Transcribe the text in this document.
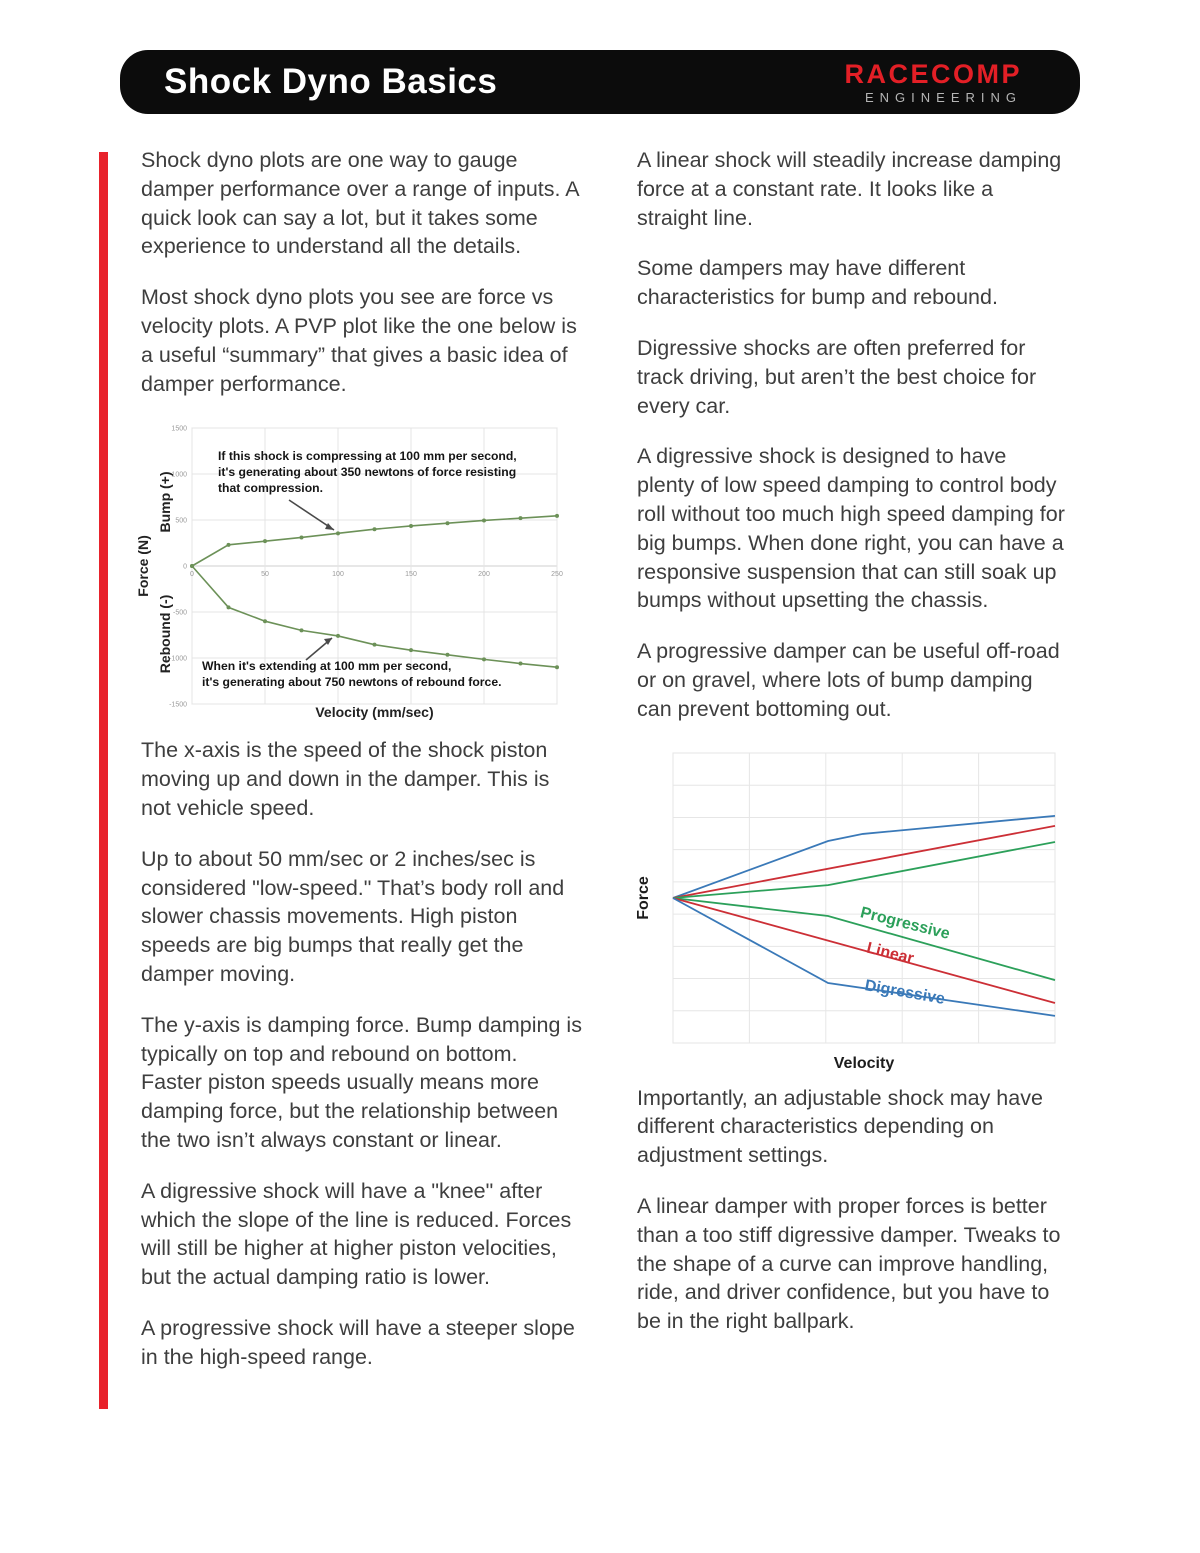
Shock Dyno Basics	RACECOMP
ENGINEERING

Shock dyno plots are one way to gauge damper performance over a range of inputs. A quick look can say a lot, but it takes some experience to understand all the details.

Most shock dyno plots you see are force vs velocity plots. A PVP plot like the one below is a useful “summary” that gives a basic idea of damper performance.

1500
1000
500
0
-500
-1000
-1500
0	50	100	150	200	250
Force (N)
Bump (+)
Rebound (-)
Velocity (mm/sec)
If this shock is compressing at 100 mm per second,
it's generating about 350 newtons of force resisting
that compression.
When it's extending at 100 mm per second,
it's generating about 750 newtons of rebound force.

The x-axis is the speed of the shock piston moving up and down in the damper. This is not vehicle speed.

Up to about 50 mm/sec or 2 inches/sec is considered "low-speed." That’s body roll and slower chassis movements. High piston speeds are big bumps that really get the damper moving.

The y-axis is damping force. Bump damping is typically on top and rebound on bottom. Faster piston speeds usually means more damping force, but the relationship between the two isn’t always constant or linear.

A digressive shock will have a "knee" after which the slope of the line is reduced. Forces will still be higher at higher piston velocities, but the actual damping ratio is lower.

A progressive shock will have a steeper slope in the high-speed range.

A linear shock will steadily increase damping force at a constant rate. It looks like a straight line.

Some dampers may have different characteristics for bump and rebound.

Digressive shocks are often preferred for track driving, but aren’t the best choice for every car.

A digressive shock is designed to have plenty of low speed damping to control body roll without too much high speed damping for big bumps. When done right, you can have a responsive suspension that can still soak up bumps without upsetting the chassis.

A progressive damper can be useful off-road or on gravel, where lots of bump damping can prevent bottoming out.

Progressive
Linear
Digressive
Force
Velocity

Importantly, an adjustable shock may have different characteristics depending on adjustment settings.

A linear damper with proper forces is better than a too stiff digressive damper. Tweaks to the shape of a curve can improve handling, ride, and driver confidence, but you have to be in the right ballpark.
